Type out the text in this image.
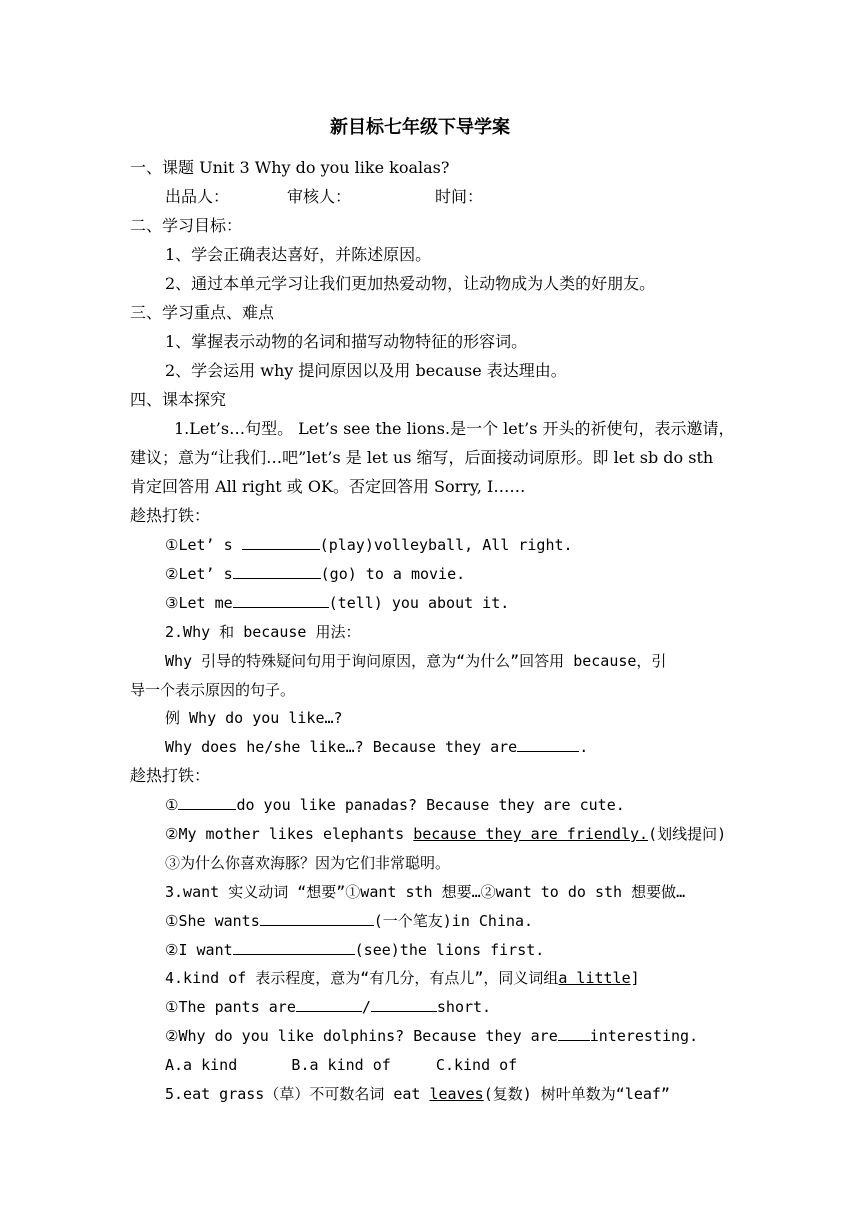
新目标七年级下导学案
一、课题 Unit 3 Why do you like koalas?
出品人：	审核人：	时间：
二、学习目标：
1、学会正确表达喜好，并陈述原因。
2、通过本单元学习让我们更加热爱动物，让动物成为人类的好朋友。
三、学习重点、难点
1、掌握表示动物的名词和描写动物特征的形容词。
2、学会运用 why 提问原因以及用 because 表达理由。
四、课本探究
1.Let’s…句型。 Let’s see the lions.是一个 let’s 开头的祈使句，表示邀请，
建议；意为“让我们…吧”let’s 是 let us 缩写，后面接动词原形。即 let sb do sth
肯定回答用 All right 或 OK。否定回答用 Sorry, I……
趁热打铁：
①Let’ s	(play)volleyball, All right.
②Let’ s	(go) to a movie.
③Let me	(tell) you about it.
2.Why 和 because 用法：
Why 引导的特殊疑问句用于询问原因，意为“为什么”回答用 because，引
导一个表示原因的句子。
例 Why do you like…?
Why does he/she like…? Because they are	.
趁热打铁：
①	do you like panadas? Because they are cute.
②My mother likes elephants because they are friendly.(划线提问)
③为什么你喜欢海豚？因为它们非常聪明。
3.want 实义动词 “想要”①want sth 想要…②want to do sth 想要做…
①She wants	(一个笔友)in China.
②I want	(see)the lions first.
4.kind of 表示程度，意为“有几分，有点儿”，同义词组a little]
①The pants are	/	short.
②Why do you like dolphins? Because they are interesting.
A.a kind      B.a kind of     C.kind of
5.eat grass（草）不可数名词 eat leaves(复数) 树叶单数为“leaf”
